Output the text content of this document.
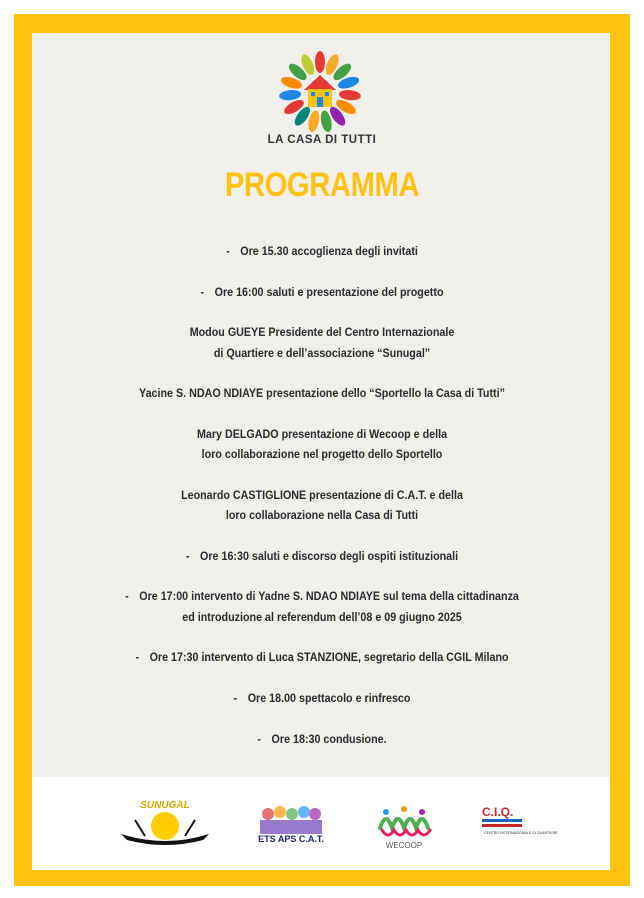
LA CASA DI TUTTI
PROGRAMMA
- Ore 15.30 accoglienza degli invitati
- Ore 16:00 saluti e presentazione del progetto
Modou GUEYE Presidente del Centro Internazionale
di Quartiere e dell’associazione “Sunugal”
Yacine S. NDAO NDIAYE presentazione dello “Sportello la Casa di Tutti”
Mary DELGADO presentazione di Wecoop e della
loro collaborazione nel progetto dello Sportello
Leonardo CASTIGLIONE presentazione di C.A.T. e della
loro collaborazione nella Casa di Tutti
- Ore 16:30 saluti e discorso degli ospiti istituzionali
- Ore 17:00 intervento di Yadne S. NDAO NDIAYE sul tema della cittadinanza
ed introduzione al referendum dell’08 e 09 giugno 2025
- Ore 17:30 intervento di Luca STANZIONE, segretario della CGIL Milano
- Ore 18.00 spettacolo e rinfresco
- Ore 18:30 condusione.
SUNUGAL
ETS APS C.A.T.
WECOOP
C.I.Q.
CENTRO INTERNAZIONALE DI QUARTIERE
